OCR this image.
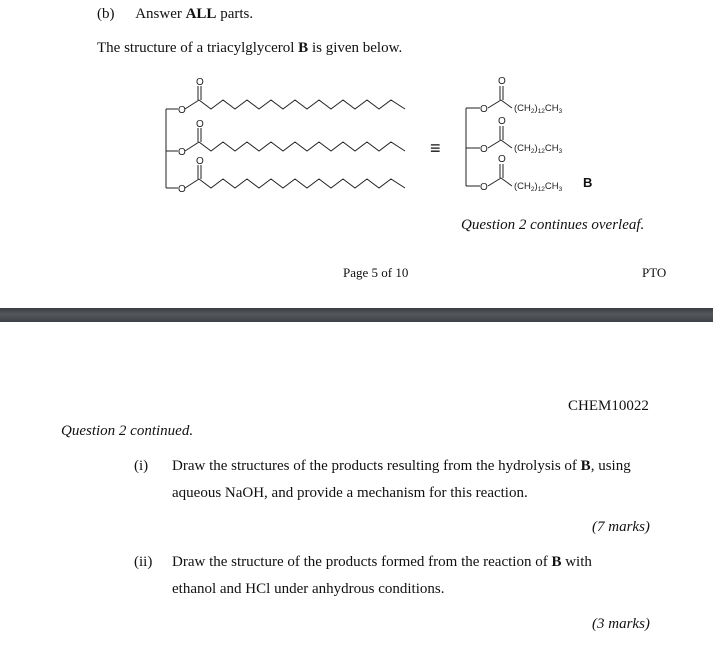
(b) Answer ALL parts.
The structure of a triacylglycerol B is given below.
O
O
O
O
O
O
≡
O
O
O
O
O
O
$(CH_2)_{12}CH_3$
$(CH_2)_{12}CH_3$
$(CH_2)_{12}CH_3$ B
Question 2 continues overleaf.
Page 5 of 10	PTO
CHEM10022
Question 2 continued.
(i) Draw the structures of the products resulting from the hydrolysis of B, using
aqueous NaOH, and provide a mechanism for this reaction.
(7 marks)
(ii) Draw the structure of the products formed from the reaction of B with
ethanol and HCl under anhydrous conditions.
(3 marks)
